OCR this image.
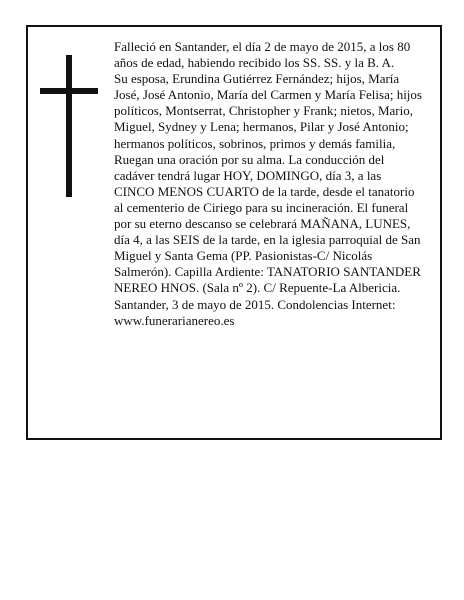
Falleció en Santander, el día 2 de mayo de 2015, a los 80 años de edad, habiendo recibido los SS. SS. y la B. A.

Su esposa, Erundina Gutiérrez Fernández; hijos, María José, José Antonio, María del Carmen y María Felisa; hijos políticos, Montserrat, Christopher y Frank; nietos, Mario, Miguel, Sydney y Lena; hermanos, Pilar y José Antonio; hermanos políticos, sobrinos, primos y demás familia,

Ruegan una oración por su alma. La conducción del cadáver tendrá lugar HOY, DOMINGO, día 3, a las CINCO MENOS CUARTO de la tarde, desde el tanatorio al cementerio de Ciriego para su incineración. El funeral por su eterno descanso se celebrará MAÑANA, LUNES, día 4, a las SEIS de la tarde, en la iglesia parroquial de San Miguel y Santa Gema (PP. Pasionistas-C/ Nicolás Salmerón). Capilla Ardiente: TANATORIO SANTANDER NEREO HNOS. (Sala nº 2). C/ Repuente-La Albericia.

Santander, 3 de mayo de 2015. Condolencias Internet: www.funerarianereo.es
